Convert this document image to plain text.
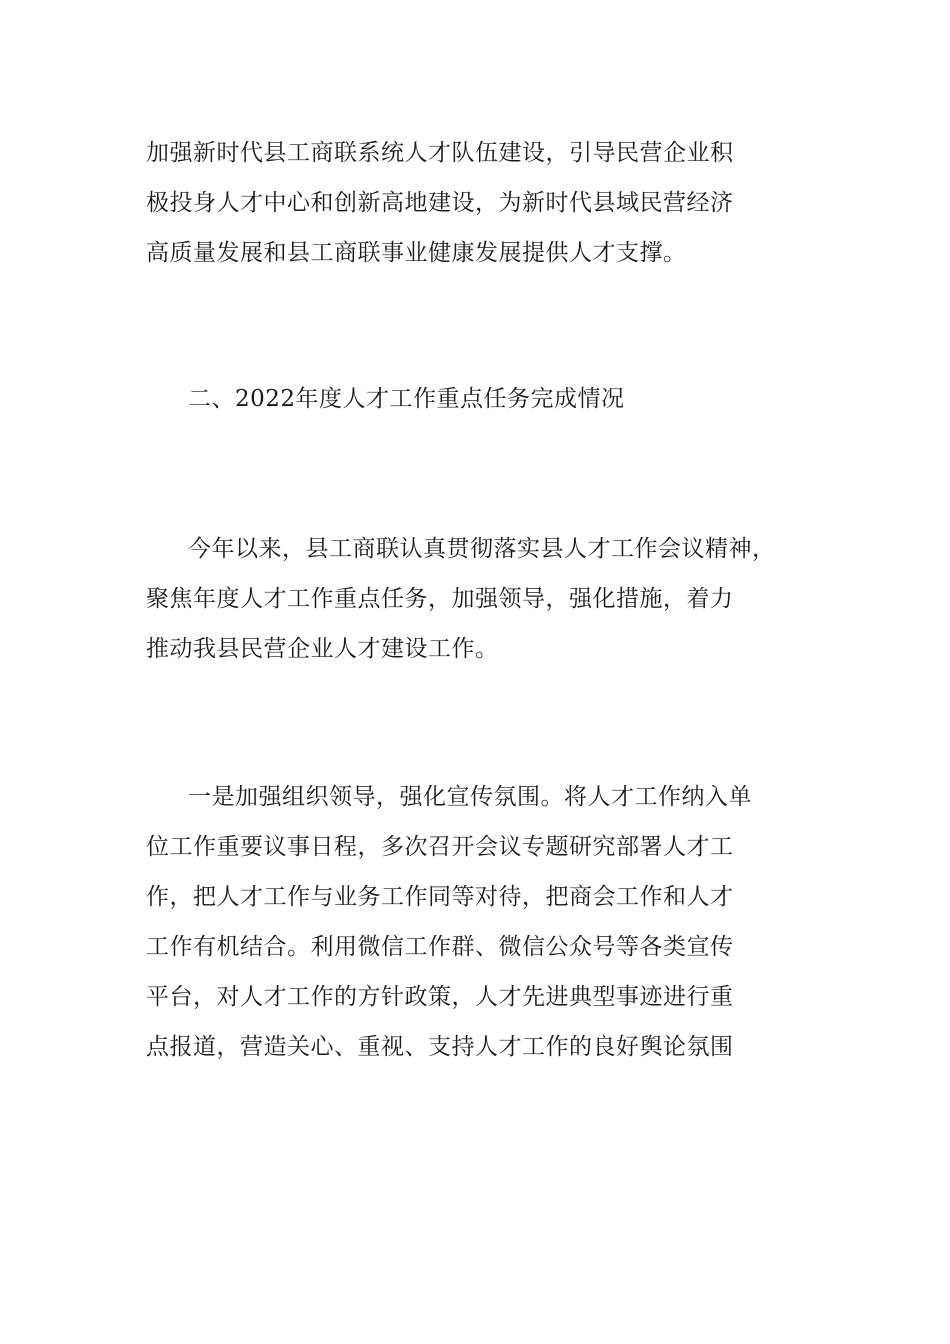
加强新时代县工商联系统人才队伍建设，引导民营企业积
极投身人才中心和创新高地建设，为新时代县域民营经济
高质量发展和县工商联事业健康发展提供人才支撑。

二、2022年度人才工作重点任务完成情况

今年以来，县工商联认真贯彻落实县人才工作会议精神，
聚焦年度人才工作重点任务，加强领导，强化措施，着力
推动我县民营企业人才建设工作。

一是加强组织领导，强化宣传氛围。将人才工作纳入单
位工作重要议事日程，多次召开会议专题研究部署人才工
作，把人才工作与业务工作同等对待，把商会工作和人才
工作有机结合。利用微信工作群、微信公众号等各类宣传
平台，对人才工作的方针政策，人才先进典型事迹进行重
点报道，营造关心、重视、支持人才工作的良好舆论氛围
